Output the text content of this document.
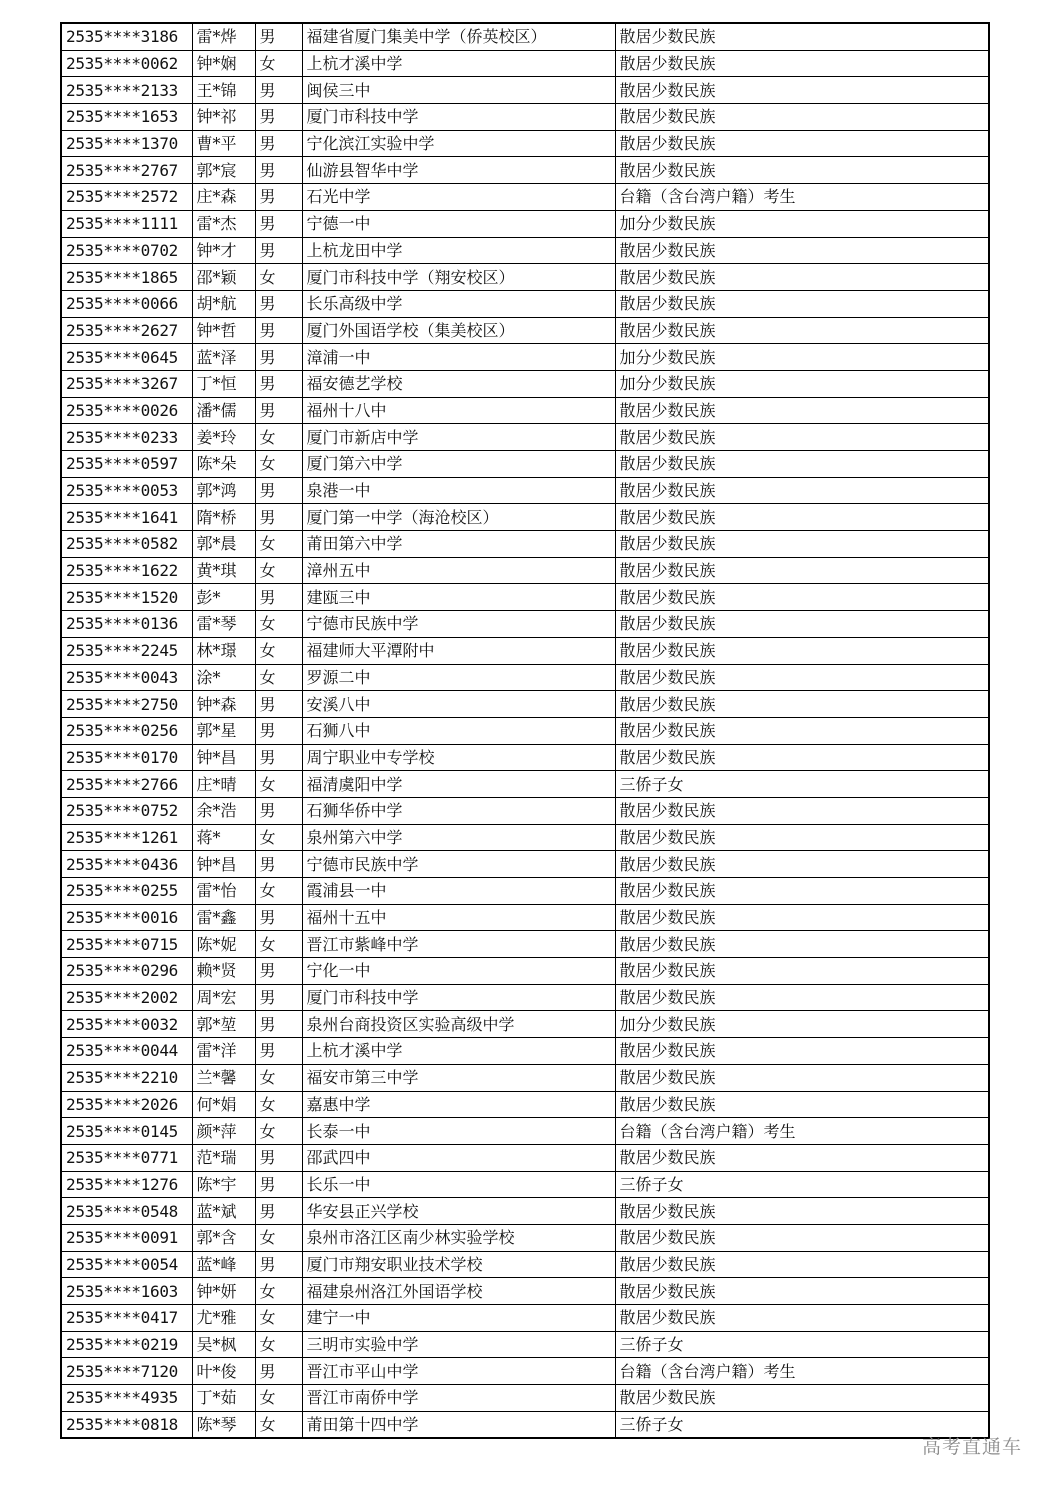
2535****3186	雷*烨	男	福建省厦门集美中学（侨英校区）	散居少数民族
2535****0062	钟*娴	女	上杭才溪中学	散居少数民族
2535****2133	王*锦	男	闽侯三中	散居少数民族
2535****1653	钟*祁	男	厦门市科技中学	散居少数民族
2535****1370	曹*平	男	宁化滨江实验中学	散居少数民族
2535****2767	郭*宸	男	仙游县智华中学	散居少数民族
2535****2572	庄*森	男	石光中学	台籍（含台湾户籍）考生
2535****1111	雷*杰	男	宁德一中	加分少数民族
2535****0702	钟*才	男	上杭龙田中学	散居少数民族
2535****1865	邵*颖	女	厦门市科技中学（翔安校区）	散居少数民族
2535****0066	胡*航	男	长乐高级中学	散居少数民族
2535****2627	钟*哲	男	厦门外国语学校（集美校区）	散居少数民族
2535****0645	蓝*泽	男	漳浦一中	加分少数民族
2535****3267	丁*恒	男	福安德艺学校	加分少数民族
2535****0026	潘*儒	男	福州十八中	散居少数民族
2535****0233	姜*玲	女	厦门市新店中学	散居少数民族
2535****0597	陈*朵	女	厦门第六中学	散居少数民族
2535****0053	郭*鸿	男	泉港一中	散居少数民族
2535****1641	隋*桥	男	厦门第一中学（海沧校区）	散居少数民族
2535****0582	郭*晨	女	莆田第六中学	散居少数民族
2535****1622	黄*琪	女	漳州五中	散居少数民族
2535****1520	彭*	男	建瓯三中	散居少数民族
2535****0136	雷*琴	女	宁德市民族中学	散居少数民族
2535****2245	林*璟	女	福建师大平潭附中	散居少数民族
2535****0043	涂*	女	罗源二中	散居少数民族
2535****2750	钟*森	男	安溪八中	散居少数民族
2535****0256	郭*星	男	石狮八中	散居少数民族
2535****0170	钟*昌	男	周宁职业中专学校	散居少数民族
2535****2766	庄*晴	女	福清虞阳中学	三侨子女
2535****0752	余*浩	男	石狮华侨中学	散居少数民族
2535****1261	蒋*	女	泉州第六中学	散居少数民族
2535****0436	钟*昌	男	宁德市民族中学	散居少数民族
2535****0255	雷*怡	女	霞浦县一中	散居少数民族
2535****0016	雷*鑫	男	福州十五中	散居少数民族
2535****0715	陈*妮	女	晋江市紫峰中学	散居少数民族
2535****0296	赖*贤	男	宁化一中	散居少数民族
2535****2002	周*宏	男	厦门市科技中学	散居少数民族
2535****0032	郭*堃	男	泉州台商投资区实验高级中学	加分少数民族
2535****0044	雷*洋	男	上杭才溪中学	散居少数民族
2535****2210	兰*馨	女	福安市第三中学	散居少数民族
2535****2026	何*娟	女	嘉惠中学	散居少数民族
2535****0145	颜*萍	女	长泰一中	台籍（含台湾户籍）考生
2535****0771	范*瑞	男	邵武四中	散居少数民族
2535****1276	陈*宇	男	长乐一中	三侨子女
2535****0548	蓝*斌	男	华安县正兴学校	散居少数民族
2535****0091	郭*含	女	泉州市洛江区南少林实验学校	散居少数民族
2535****0054	蓝*峰	男	厦门市翔安职业技术学校	散居少数民族
2535****1603	钟*妍	女	福建泉州洛江外国语学校	散居少数民族
2535****0417	尤*雅	女	建宁一中	散居少数民族
2535****0219	吴*枫	女	三明市实验中学	三侨子女
2535****7120	叶*俊	男	晋江市平山中学	台籍（含台湾户籍）考生
2535****4935	丁*茹	女	晋江市南侨中学	散居少数民族
2535****0818	陈*琴	女	莆田第十四中学	三侨子女
高考直通车
